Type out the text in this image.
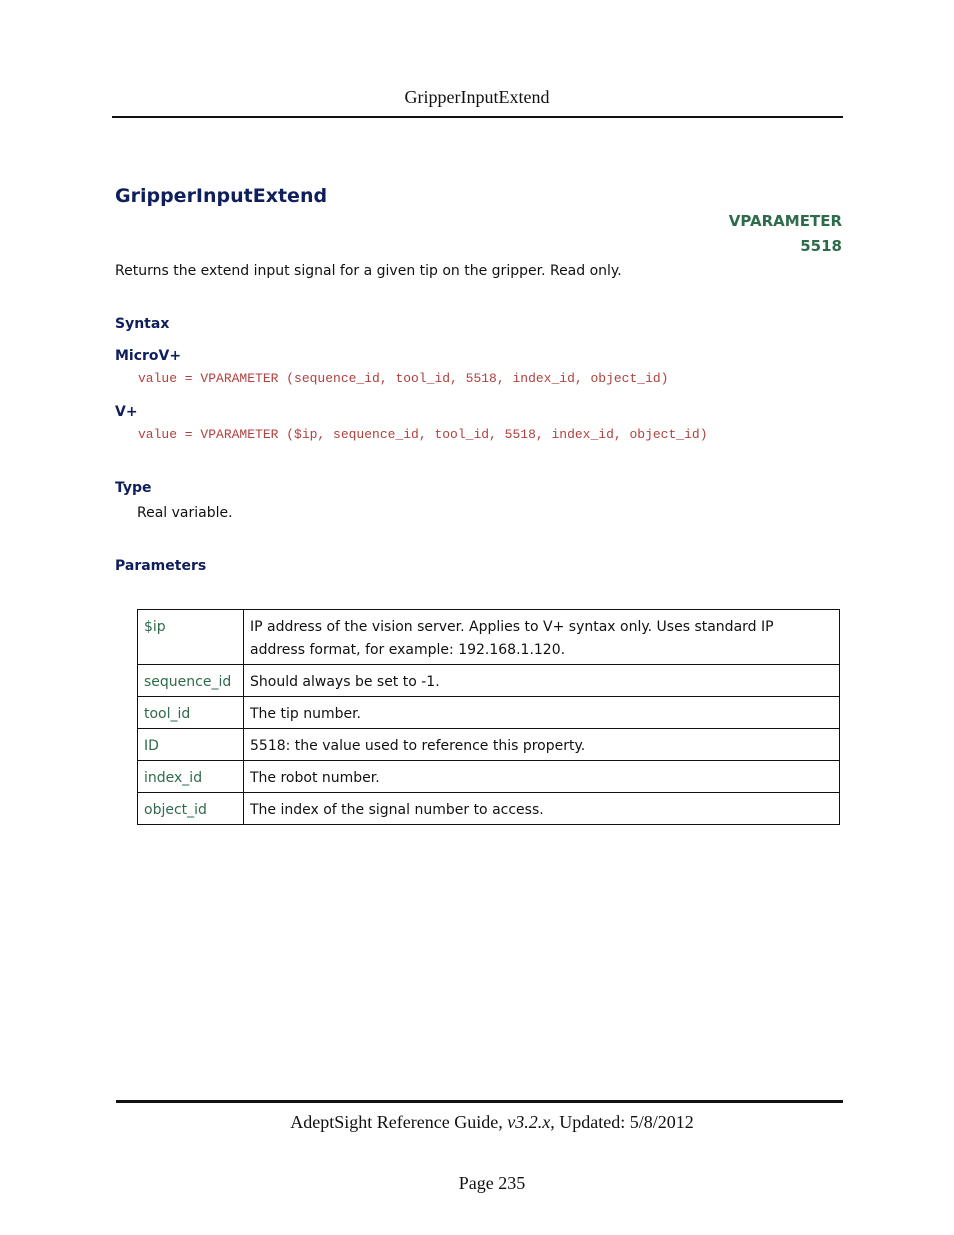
GripperInputExtend
GripperInputExtend
VPARAMETER
5518
Returns the extend input signal for a given tip on the gripper. Read only.
Syntax
MicroV+
value = VPARAMETER (sequence_id, tool_id, 5518, index_id, object_id)
V+
value = VPARAMETER ($ip, sequence_id, tool_id, 5518, index_id, object_id)
Type
Real variable.
Parameters
$ip	IP address of the vision server. Applies to V+ syntax only. Uses standard IP address format, for example: 192.168.1.120.
sequence_id	Should always be set to -1.
tool_id	The tip number.
ID	5518: the value used to reference this property.
index_id	The robot number.
object_id	The index of the signal number to access.
AdeptSight Reference Guide, v3.2.x, Updated: 5/8/2012
Page 235
